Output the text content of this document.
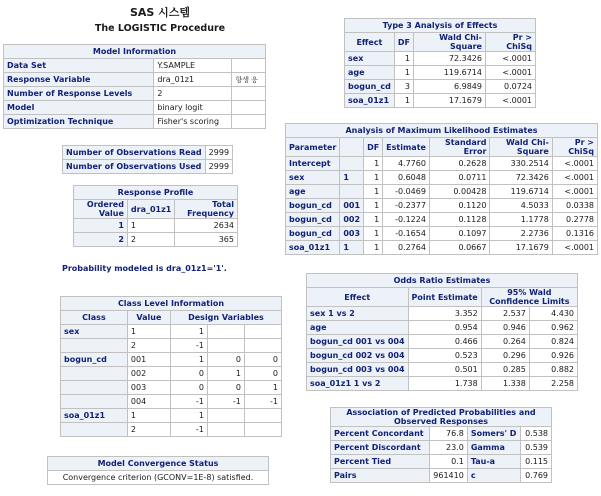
SAS 시스템
The LOGISTIC Procedure
Model Information		
Data Set	Y.SAMPLE	
Response Variable	dra_01z1	향생 응
Number of Response Levels	2	
Model	binary logit	
Optimization Technique	Fisher's scoring	
Number of Observations Read	2999
Number of Observations Used	2999
Response Profile		
Ordered Value	dra_01z1	Total Frequency
1	1	2634
2	2	365
Probability modeled is dra_01z1='1'.
Class Level Information				
Class	Value	Design Variables		
sex	1	1		
	2	-1		
bogun_cd	001	1	0	0
	002	0	1	0
	003	0	0	1
	004	-1	-1	-1
soa_01z1	1	1		
	2	-1		
Model Convergence Status
Convergence criterion (GCONV=1E-8) satisfied.
Type 3 Analysis of Effects			
Effect	DF	Wald Chi-Square	Pr > ChiSq
sex	1	72.3426	<.0001
age	1	119.6714	<.0001
bogun_cd	3	6.9849	0.0724
soa_01z1	1	17.1679	<.0001
Analysis of Maximum Likelihood Estimates						
Parameter		DF	Estimate	Standard Error	Wald Chi-Square	Pr > ChiSq
Intercept		1	4.7760	0.2628	330.2514	<.0001
sex	1	1	0.6048	0.0711	72.3426	<.0001
age		1	-0.0469	0.00428	119.6714	<.0001
bogun_cd	001	1	-0.2377	0.1120	4.5033	0.0338
bogun_cd	002	1	-0.1224	0.1128	1.1778	0.2778
bogun_cd	003	1	-0.1654	0.1097	2.2736	0.1316
soa_01z1	1	1	0.2764	0.0667	17.1679	<.0001
Odds Ratio Estimates			
Effect	Point Estimate	95% Wald Confidence Limits	
sex 1 vs 2	3.352	2.537	4.430
age	0.954	0.946	0.962
bogun_cd 001 vs 004	0.466	0.264	0.824
bogun_cd 002 vs 004	0.523	0.296	0.926
bogun_cd 003 vs 004	0.501	0.285	0.882
soa_01z1 1 vs 2	1.738	1.338	2.258
Association of Predicted Probabilities and Observed Responses			
Percent Concordant	76.8	Somers' D	0.538
Percent Discordant	23.0	Gamma	0.539
Percent Tied	0.1	Tau-a	0.115
Pairs	961410	c	0.769
